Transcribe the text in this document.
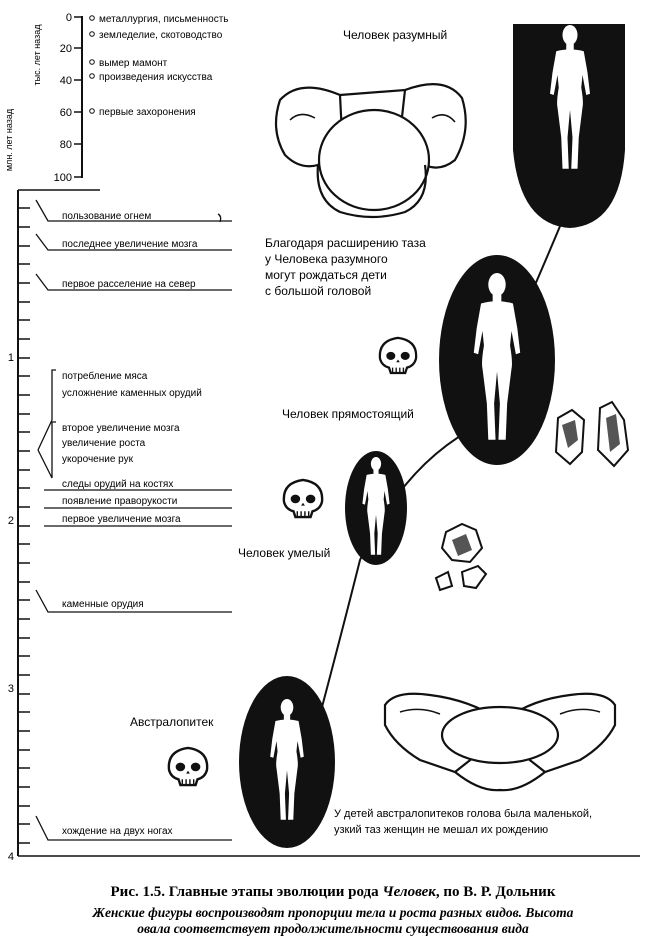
тыс. лет назад
0
20
40
60
80
100
металлургия, письменность
земледелие, скотоводство
вымер мамонт
произведения искусства
первые захоронения
млн. лет назад
1
2
3
4
пользование огнем
последнее увеличение мозга
первое расселение на север
потребление мяса
усложнение каменных орудий
второе увеличение мозга
увеличение роста
укорочение рук
следы орудий на костях
появление праворукости
первое увеличение мозга
каменные орудия
хождение на двух ногах
Человек разумный
Человек прямостоящий
Человек умелый
Австралопитек
Благодаря расширению таза
у Человека разумного
могут рождаться дети
с большой головой
У детей австралопитеков голова была маленькой,
узкий таз женщин не мешал их рождению
Рис. 1.5. Главные этапы эволюции рода Человек, по В. Р. Дольник
Женские фигуры воспроизводят пропорции тела и роста разных видов. Высота
овала соответствует продолжительности существования вида
